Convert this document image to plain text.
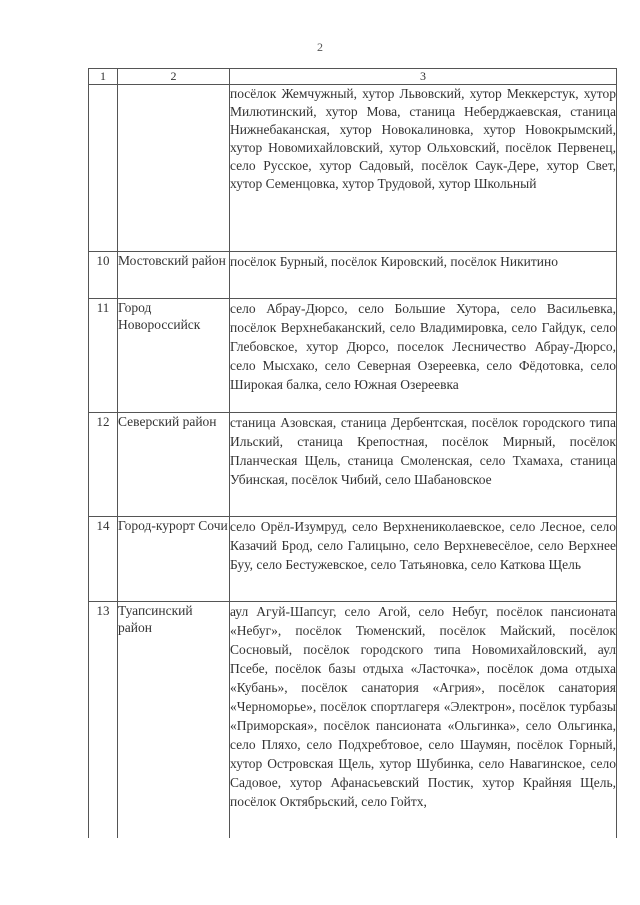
2
1	2	3
		посёлок Жемчужный, хутор Львовский, хутор Меккерстук, хутор Милютинский, хутор Мова, станица Неберджаевская, станица Нижнебаканская, хутор Новокалиновка, хутор Новокрымский, хутор Новомихайловский, хутор Ольховский, посёлок Первенец, село Русское, хутор Садовый, посёлок Саук-Дере, хутор Свет, хутор Семенцовка, хутор Трудовой, хутор Школьный
10	Мостовский район	посёлок Бурный, посёлок Кировский, посёлок Никитино
11	Город Новороссийск	село Абрау-Дюрсо, село Большие Хутора, село Васильевка, посёлок Верхнебаканский, село Владимировка, село Гайдук, село Глебовское, хутор Дюрсо, поселок Лесничество Абрау-Дюрсо, село Мысхако, село Северная Озереевка, село Фёдотовка, село Широкая балка, село Южная Озереевка
12	Северский район	станица Азовская, станица Дербентская, посёлок городского типа Ильский, станица Крепостная, посёлок Мирный, посёлок Планческая Щель, станица Смоленская, село Тхамаха, станица Убинская, посёлок Чибий, село Шабановское
14	Город-курорт Сочи	село Орёл-Изумруд, село Верхнениколаевское, село Лесное, село Казачий Брод, село Галицыно, село Верхневесёлое, село Верхнее Буу, село Бестужевское, село Татьяновка, село Каткова Щель
13	Туапсинский район	аул Агуй-Шапсуг, село Агой, село Небуг, посёлок пансионата «Небуг», посёлок Тюменский, посёлок Майский, посёлок Сосновый, посёлок городского типа Новомихайловский, аул Псебе, посёлок базы отдыха «Ласточка», посёлок дома отдыха «Кубань», посёлок санатория «Агрия», посёлок санатория «Черноморье», посёлок спортлагеря «Электрон», посёлок турбазы «Приморская», посёлок пансионата «Ольгинка», село Ольгинка, село Пляхо, село Подхребтовое, село Шаумян, посёлок Горный, хутор Островская Щель, хутор Шубинка, село Навагинское, село Садовое, хутор Афанасьевский Постик, хутор Крайняя Щель, посёлок Октябрьский, село Гойтх,
